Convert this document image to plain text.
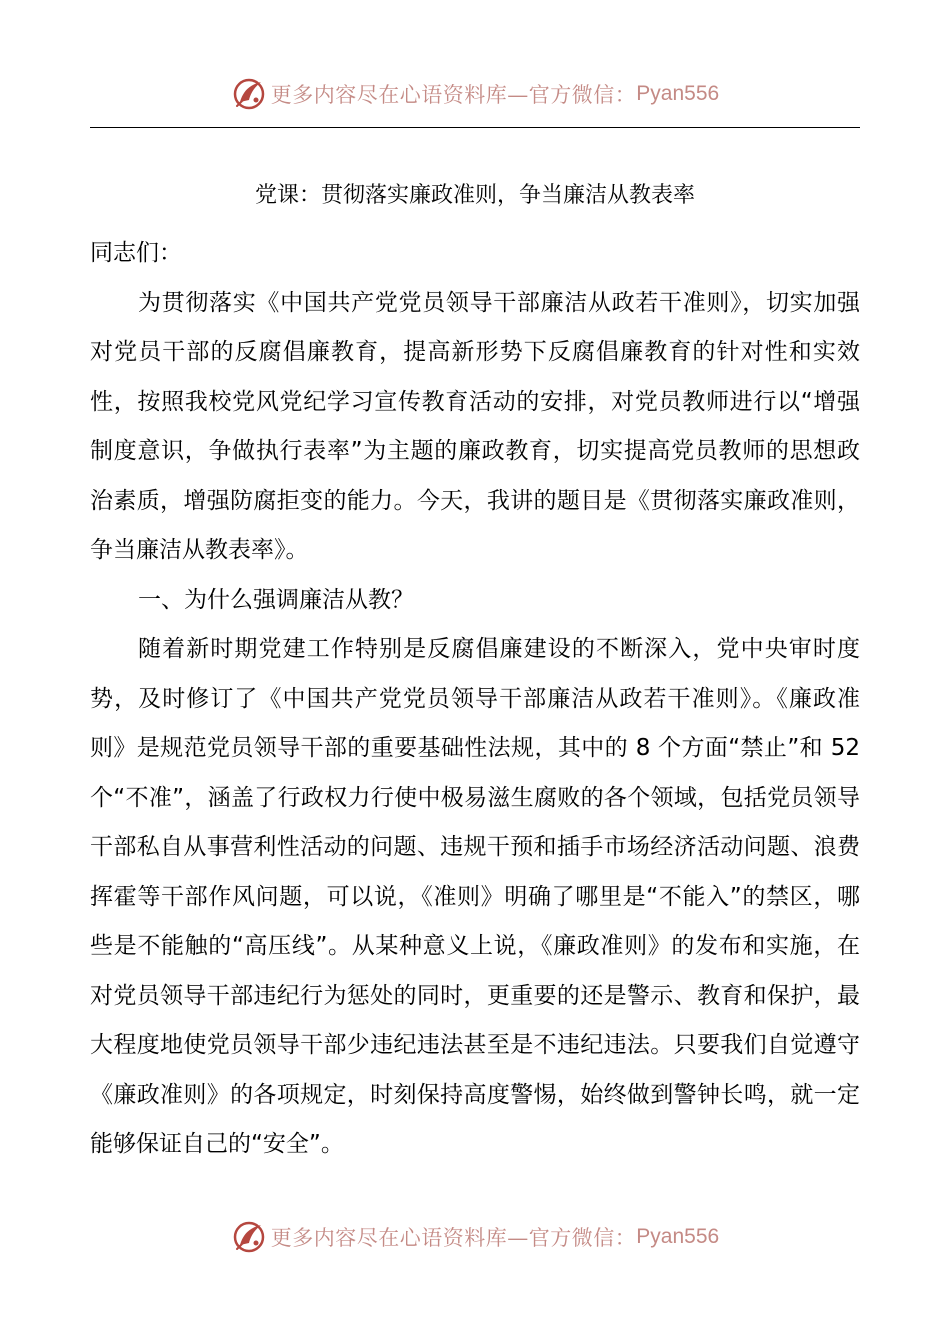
更多内容尽在心语资料库—官方微信： Pyan556
党课：贯彻落实廉政准则，争当廉洁从教表率

同志们：

为贯彻落实《中国共产党党员领导干部廉洁从政若干准则》，切实加强对党员干部的反腐倡廉教育，提高新形势下反腐倡廉教育的针对性和实效性，按照我校党风党纪学习宣传教育活动的安排，对党员教师进行以“增强制度意识，争做执行表率”为主题的廉政教育，切实提高党员教师的思想政治素质，增强防腐拒变的能力。今天，我讲的题目是《贯彻落实廉政准则，争当廉洁从教表率》。

一、为什么强调廉洁从教？

随着新时期党建工作特别是反腐倡廉建设的不断深入，党中央审时度势，及时修订了《中国共产党党员领导干部廉洁从政若干准则》。《廉政准则》是规范党员领导干部的重要基础性法规，其中的 8 个方面“禁止”和 52 个“不准”，涵盖了行政权力行使中极易滋生腐败的各个领域，包括党员领导干部私自从事营利性活动的问题、违规干预和插手市场经济活动问题、浪费挥霍等干部作风问题，可以说，《准则》明确了哪里是“不能入”的禁区，哪些是不能触的“高压线”。从某种意义上说，《廉政准则》的发布和实施，在对党员领导干部违纪行为惩处的同时，更重要的还是警示、教育和保护，最大程度地使党员领导干部少违纪违法甚至是不违纪违法。只要我们自觉遵守《廉政准则》的各项规定，时刻保持高度警惕，始终做到警钟长鸣，就一定能够保证自己的“安全”。

更多内容尽在心语资料库—官方微信： Pyan556
